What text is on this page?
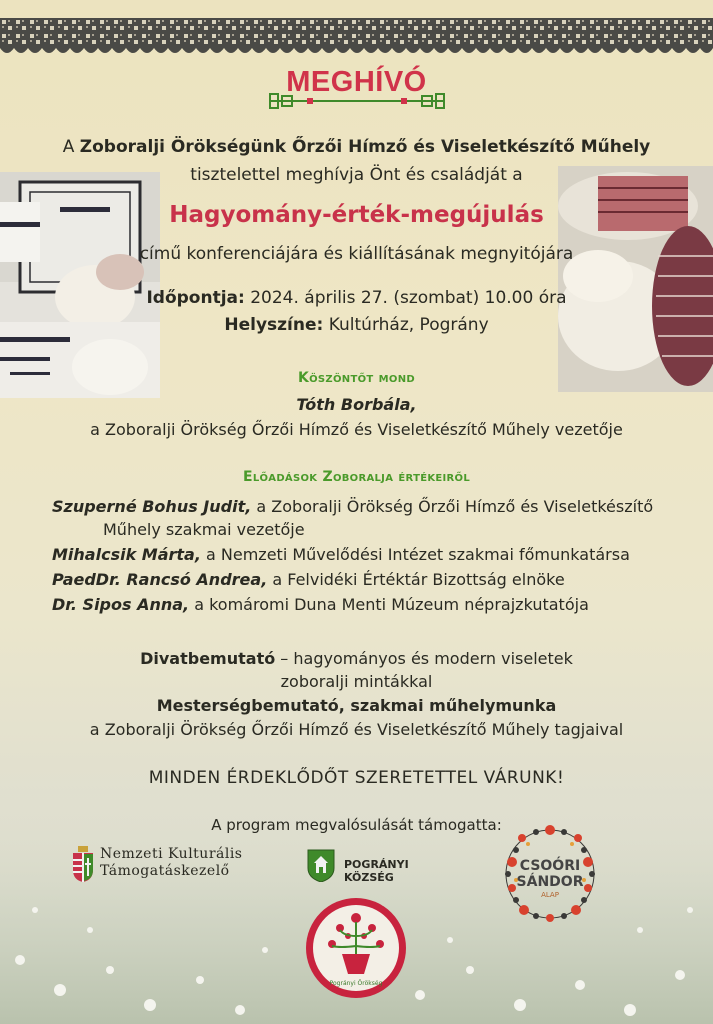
MEGHÍVÓ
A Zoboralji Örökségünk Őrzői Hímző és Viseletkészítő Műhely
tisztelettel meghívja Önt és családját a
Hagyomány-érték-megújulás
című konferenciájára és kiállításának megnyitójára
Időpontja: 2024. április 27. (szombat) 10.00 óra
Helyszíne: Kultúrház, Pográny
Köszöntőt mond
Tóth Borbála,
a Zoboralji Örökség Őrzői Hímző és Viseletkészítő Műhely vezetője
Előadások Zoboralja értékeiről

Szuperné Bohus Judit, a Zoboralji Örökség Őrzői Hímző és Viseletkészítő
Műhely szakmai vezetője

Mihalcsik Márta, a Nemzeti Művelődési Intézet szakmai főmunkatársa

PaedDr. Rancsó Andrea, a Felvidéki Értéktár Bizottság elnöke

Dr. Sipos Anna, a komáromi Duna Menti Múzeum néprajzkutatója

Divatbemutató – hagyományos és modern viseletek
zoboralji mintákkal
Mesterségbemutató, szakmai műhelymunka
a Zoboralji Örökség Őrzői Hímző és Viseletkészítő Műhely tagjaival
MINDEN ÉRDEKLŐDŐT SZERETETTEL VÁRUNK!
A program megvalósulását támogatta:
Nemzeti Kulturális
Támogatáskezelő	POGRÁNYI KÖZSÉG
CSOÓRI
SÁNDOR
ALAP
Pogrányi Örökség
